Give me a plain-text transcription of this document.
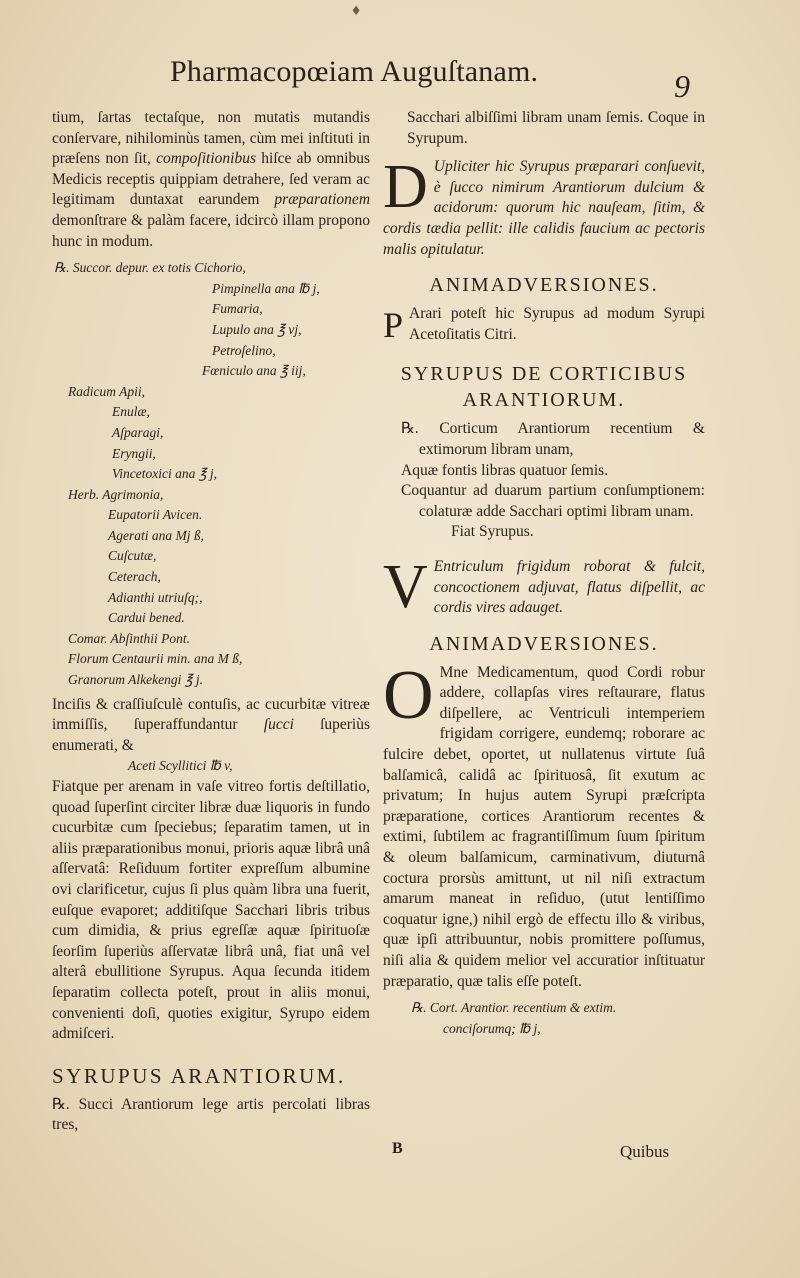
♦
Pharmacopœiam Auguſtanam.	9

tium, ſartas tectaſque, non mutatis mutandis conſervare, nihilominùs tamen, cùm mei inſtituti in præſens non ſit, compoſitionibus hiſce ab omnibus Medicis receptis quippiam detrahere, ſed veram ac legitimam duntaxat earundem præparationem demonſtrare & palàm facere, idcircò illam propono hunc in modum.

℞. Succor. depur. ex totis Cichorio,
Pimpinella ana ℔ j,
Fumaria,
Lupulo ana ℥ vj,
Petroſelino,
Fœniculo ana ℥ iij,
Radicum Apii,
Enulæ,
Aſparagi,
Eryngii,
Vincetoxici ana ℥ j,
Herb. Agrimonia,
Eupatorii Avicen.
Agerati ana Mj ß,
Cuſcutæ,
Ceterach,
Adianthi utriuſq;,
Cardui bened.
Comar. Abſinthii Pont.
Florum Centaurii min. ana M ß,
Granorum Alkekengi ℥ j.

Inciſis & craſſiuſculè contuſis, ac cucurbitæ vitreæ immiſſis, ſuperaffundantur ſucci ſuperiùs enumerati, &

Aceti Scyllitici ℔ v,

Fiatque per arenam in vaſe vitreo fortis deſtillatio, quoad ſuperſint circiter libræ duæ liquoris in fundo cucurbitæ cum ſpeciebus; ſeparatim tamen, ut in aliis præparationibus monui, prioris aquæ librâ unâ aſſervatâ: Reſiduum fortiter expreſſum albumine ovi clarificetur, cujus ſi plus quàm libra una fuerit, euſque evaporet; additiſque Sacchari libris tribus cum dimidia, & prius egreſſæ aquæ ſpirituoſæ ſeorſim ſuperiùs aſſervatæ librâ unâ, fiat unâ vel alterâ ebullitione Syrupus. Aqua ſecunda itidem ſeparatim collecta poteſt, prout in aliis monui, convenienti doſi, quoties exigitur, Syrupo eidem admiſceri.

SYRUPUS ARANTIORUM.

℞. Succi Arantiorum lege artis percolati libras tres,

Sacchari albiſſimi libram unam ſemis. Coque in Syrupum.

D Upliciter hic Syrupus præparari conſuevit, è ſucco nimirum Arantiorum dulcium & acidorum: quorum hic nauſeam, ſitim, & cordis tædia pellit: ille calidis faucium ac pectoris malis opitulatur.

ANIMADVERSIONES.
P Arari poteſt hic Syrupus ad modum Syrupi Acetoſitatis Citri.

SYRUPUS DE CORTICIBUS
ARANTIORUM.

℞. Corticum Arantiorum recentium & extimorum libram unam,

Aquæ fontis libras quatuor ſemis.

Coquantur ad duarum partium conſumptionem: colaturæ adde Sacchari optimi libram unam.

Fiat Syrupus.

V Entriculum frigidum roborat & fulcit, concoctionem adjuvat, flatus diſpellit, ac cordis vires adauget.

ANIMADVERSIONES.
O Mne Medicamentum, quod Cordi robur addere, collapſas vires reſtaurare, flatus diſpellere, ac Ventriculi intemperiem frigidam corrigere, eundemq; roborare ac fulcire debet, oportet, ut nullatenus virtute ſuâ balſamicâ, calidâ ac ſpirituosâ, ſit exutum ac privatum; In hujus autem Syrupi præſcripta præparatione, cortices Arantiorum recentes & extimi, ſubtilem ac fragrantiſſimum ſuum ſpiritum & oleum balſamicum, carminativum, diuturnâ coctura prorsùs amittunt, ut nil niſi extractum amarum maneat in reſiduo, (utut lentiſſimo coquatur igne,) nihil ergò de effectu illo & viribus, quæ ipſi attribuuntur, nobis promittere poſſumus, niſi alia & quidem melior vel accuratior inſtituatur præparatio, quæ talis eſſe poteſt.

℞. Cort. Arantior. recentium & extim.
conciſorumq; ℔ j,
B	Quibus
